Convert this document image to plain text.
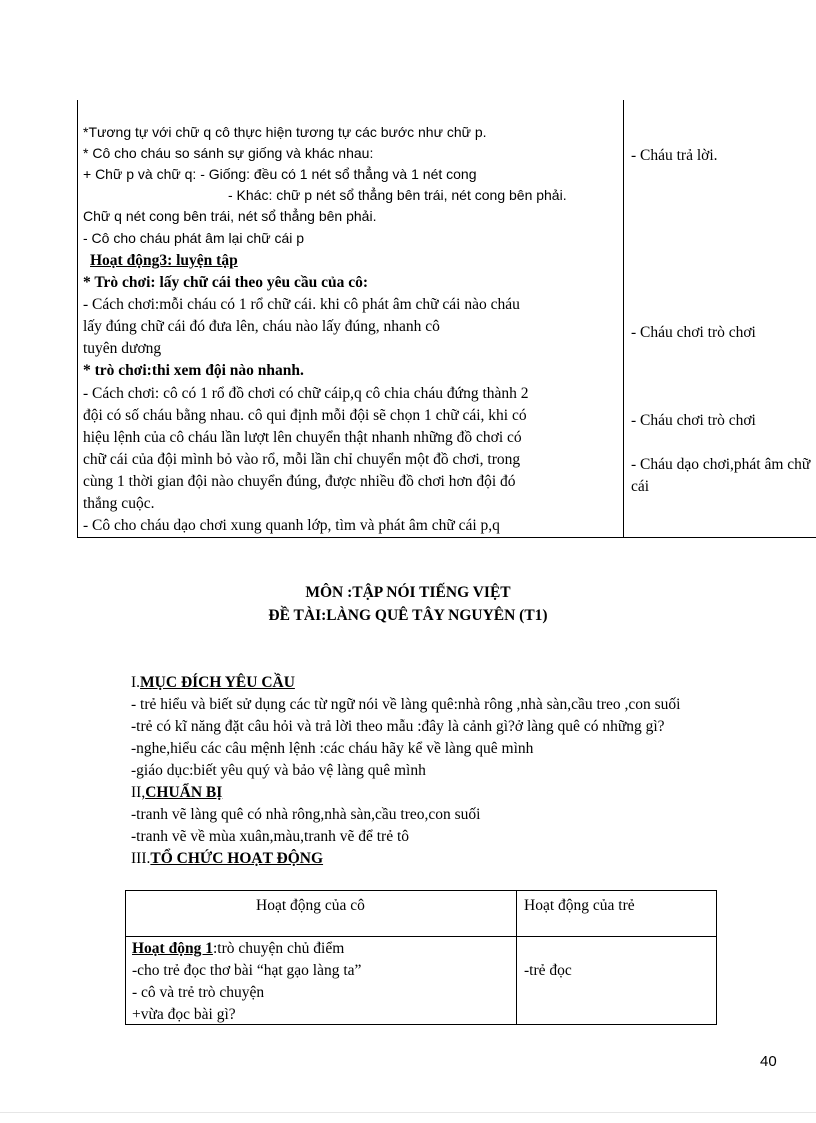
*Tương tự với chữ q cô thực hiện tương tự các bước như chữ p.
* Cô cho cháu so sánh sự giống và khác nhau:
+ Chữ p và chữ q: - Giống: đều có 1 nét sổ thẳng và 1 nét cong
- Khác: chữ p nét sổ thẳng bên trái, nét cong bên phải.
Chữ q nét cong bên trái, nét sổ thẳng bên phải.
- Cô cho cháu phát âm lại chữ cái p
Hoạt động3: luyện tập
* Trò chơi: lấy chữ cái theo yêu cầu của cô:
- Cách chơi:mỗi cháu có 1 rổ chữ cái. khi cô phát âm chữ cái nào cháu
lấy đúng chữ cái đó đưa lên, cháu nào lấy đúng, nhanh cô
tuyên dương
* trò chơi:thi xem đội nào nhanh.
- Cách chơi: cô có 1 rổ đồ chơi có chữ cáip,q cô chia cháu đứng thành 2
đội có số cháu bằng nhau. cô qui định mỗi đội sẽ chọn 1 chữ cái, khi có
hiệu lệnh của cô cháu lần lượt lên chuyển thật nhanh những đồ chơi có
chữ cái của đội mình bỏ vào rổ, mỗi lần chỉ chuyển một đồ chơi, trong
cùng 1 thời gian đội nào chuyển đúng, được nhiều đồ chơi hơn đội đó
thắng cuộc.
- Cô cho cháu dạo chơi xung quanh lớp, tìm và phát âm chữ cái p,q
- Cháu trả lời.
- Cháu chơi trò chơi
- Cháu chơi trò chơi
- Cháu dạo chơi,phát âm chữ
cái
MÔN :TẬP NÓI TIẾNG VIỆT
ĐỀ TÀI:LÀNG QUÊ TÂY NGUYÊN (T1)
I.MỤC ĐÍCH YÊU CẦU
- trẻ hiểu và biết sử dụng các từ ngữ nói về làng quê:nhà rông ,nhà sàn,cầu treo ,con suối
-trẻ có kĩ năng đặt câu hỏi và trả lời theo mẫu :đây là cảnh gì?ở làng quê có những gì?
-nghe,hiểu các câu mệnh lệnh :các cháu hãy kể về làng quê mình
-giáo dục:biết yêu quý và bảo vệ làng quê mình
II,CHUẨN BỊ
-tranh vẽ làng quê có nhà rông,nhà sàn,cầu treo,con suối
-tranh vẽ về mùa xuân,màu,tranh vẽ để trẻ tô
III.TỔ CHỨC HOẠT ĐỘNG
Hoạt động của cô	Hoạt động của trẻ
Hoạt động 1:trò chuyện chủ điểm
-cho trẻ đọc thơ bài “hạt gạo làng ta”
- cô và trẻ trò chuyện
+vừa đọc bài gì?
-trẻ đọc
40
